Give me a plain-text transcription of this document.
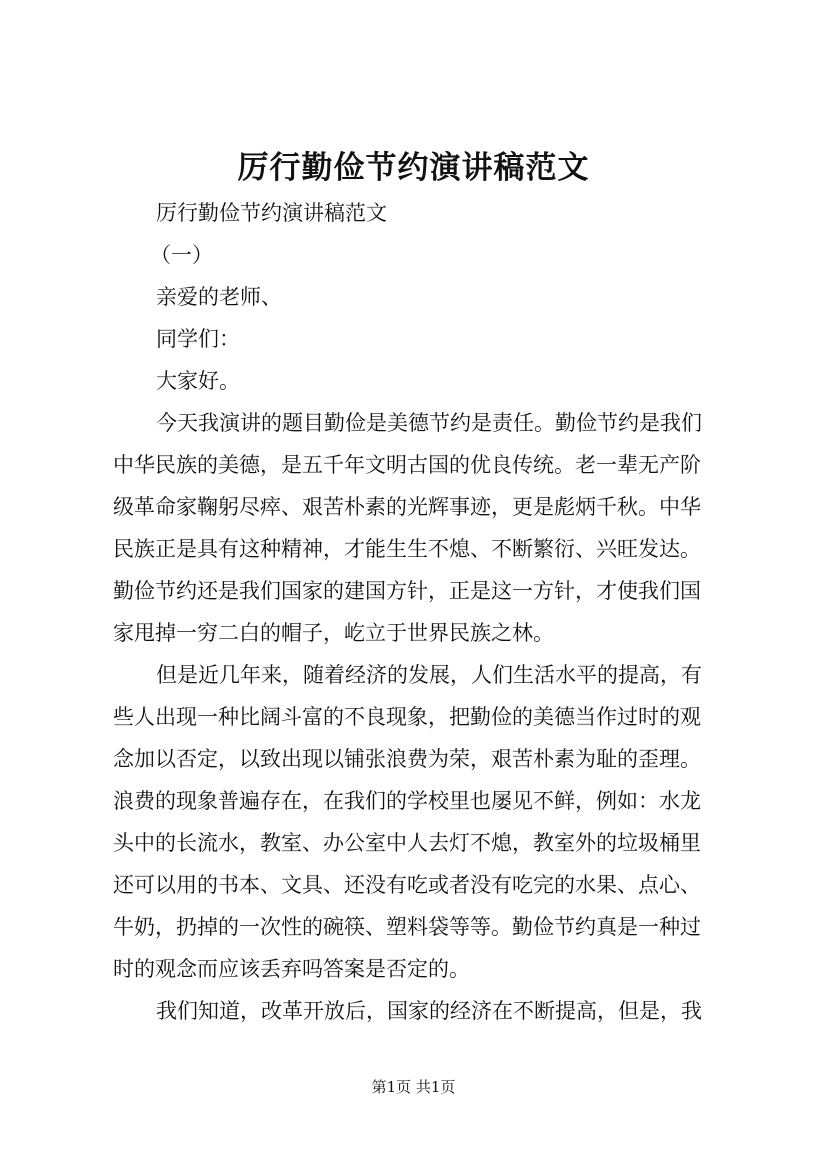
厉行勤俭节约演讲稿范文
厉行勤俭节约演讲稿范文
（一）
亲爱的老师、
同学们：
大家好。
今天我演讲的题目勤俭是美德节约是责任。勤俭节约是我们
中华民族的美德，是五千年文明古国的优良传统。老一辈无产阶
级革命家鞠躬尽瘁、艰苦朴素的光辉事迹，更是彪炳千秋。中华
民族正是具有这种精神，才能生生不熄、不断繁衍、兴旺发达。
勤俭节约还是我们国家的建国方针，正是这一方针，才使我们国
家甩掉一穷二白的帽子，屹立于世界民族之林。
但是近几年来，随着经济的发展，人们生活水平的提高，有
些人出现一种比阔斗富的不良现象，把勤俭的美德当作过时的观
念加以否定，以致出现以铺张浪费为荣，艰苦朴素为耻的歪理。
浪费的现象普遍存在，在我们的学校里也屡见不鲜，例如：水龙
头中的长流水，教室、办公室中人去灯不熄，教室外的垃圾桶里
还可以用的书本、文具、还没有吃或者没有吃完的水果、点心、
牛奶，扔掉的一次性的碗筷、塑料袋等等。勤俭节约真是一种过
时的观念而应该丢弃吗答案是否定的。
我们知道，改革开放后，国家的经济在不断提高，但是，我
第1页 共1页
